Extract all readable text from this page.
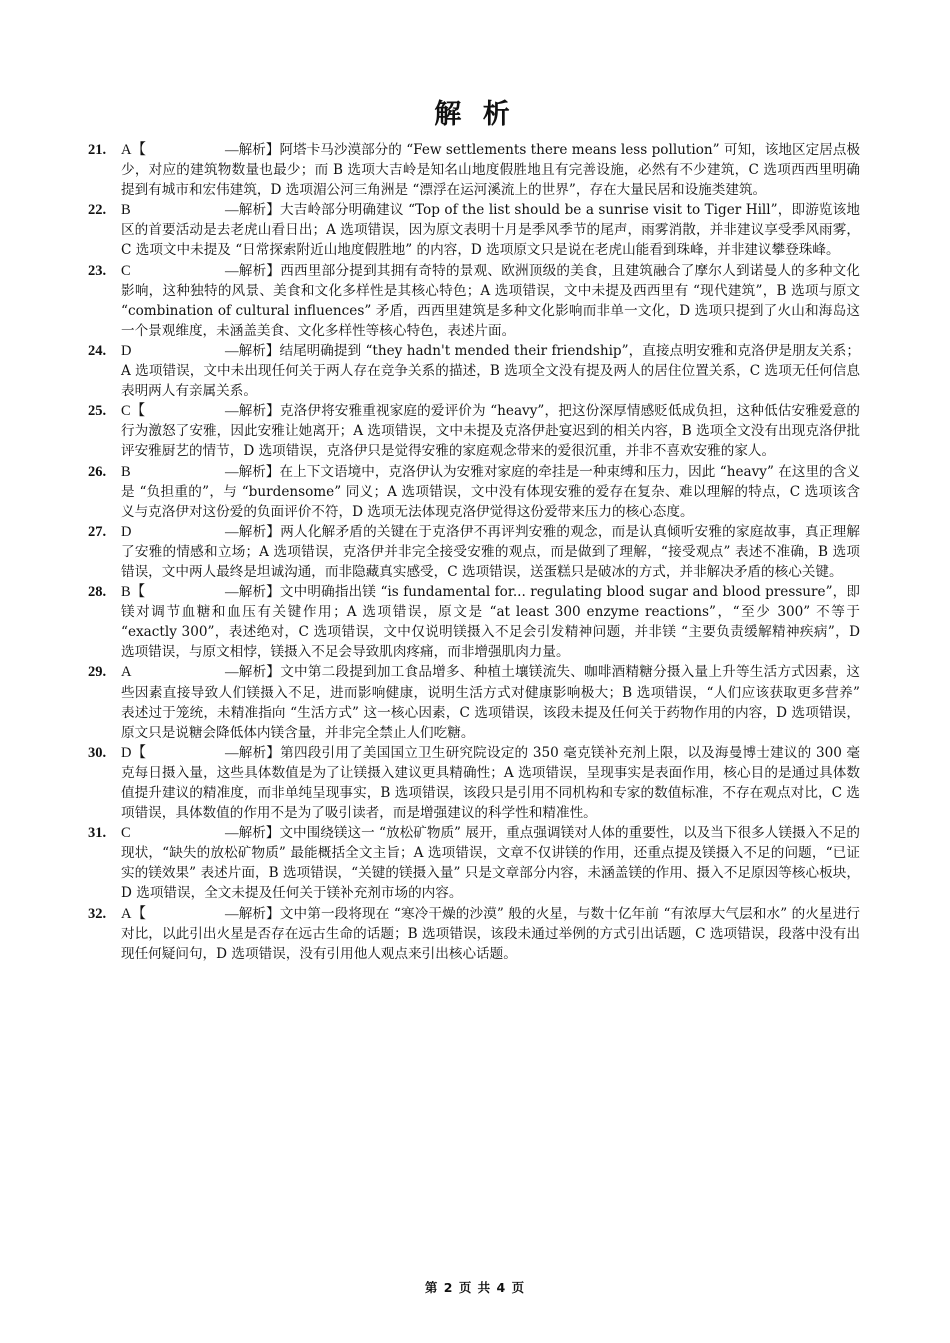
解 析
21.	A【	—解析】阿塔卡马沙漠部分的 “Few settlements there means less pollution” 可知，该地区定居点极少，对应的建筑物数量也最少；而 B 选项大吉岭是知名山地度假胜地且有完善设施，必然有不少建筑，C 选项西西里明确提到有城市和宏伟建筑，D 选项湄公河三角洲是 “漂浮在运河溪流上的世界”，存在大量民居和设施类建筑。
22.	B	—解析】大吉岭部分明确建议 “Top of the list should be a sunrise visit to Tiger Hill”，即游览该地区的首要活动是去老虎山看日出；A 选项错误，因为原文表明十月是季风季节的尾声，雨雾消散，并非建议享受季风雨雾，C 选项文中未提及 “日常探索附近山地度假胜地” 的内容，D 选项原文只是说在老虎山能看到珠峰，并非建议攀登珠峰。
23.	C	—解析】西西里部分提到其拥有奇特的景观、欧洲顶级的美食，且建筑融合了摩尔人到诺曼人的多种文化影响，这种独特的风景、美食和文化多样性是其核心特色；A 选项错误，文中未提及西西里有 “现代建筑”，B 选项与原文 “combination of cultural influences” 矛盾，西西里建筑是多种文化影响而非单一文化，D 选项只提到了火山和海岛这一个景观维度，未涵盖美食、文化多样性等核心特色，表述片面。
24.	D	—解析】结尾明确提到 “they hadn't mended their friendship”，直接点明安雅和克洛伊是朋友关系；A 选项错误，文中未出现任何关于两人存在竞争关系的描述，B 选项全文没有提及两人的居住位置关系，C 选项无任何信息表明两人有亲属关系。
25.	C【	—解析】克洛伊将安雅重视家庭的爱评价为 “heavy”，把这份深厚情感贬低成负担，这种低估安雅爱意的行为激怒了安雅，因此安雅让她离开；A 选项错误，文中未提及克洛伊赴宴迟到的相关内容，B 选项全文没有出现克洛伊批评安雅厨艺的情节，D 选项错误，克洛伊只是觉得安雅的家庭观念带来的爱很沉重，并非不喜欢安雅的家人。
26.	B	—解析】在上下文语境中，克洛伊认为安雅对家庭的牵挂是一种束缚和压力，因此 “heavy” 在这里的含义是 “负担重的”，与 “burdensome” 同义；A 选项错误，文中没有体现安雅的爱存在复杂、难以理解的特点，C 选项该含义与克洛伊对这份爱的负面评价不符，D 选项无法体现克洛伊觉得这份爱带来压力的核心态度。
27.	D	—解析】两人化解矛盾的关键在于克洛伊不再评判安雅的观念，而是认真倾听安雅的家庭故事，真正理解了安雅的情感和立场；A 选项错误，克洛伊并非完全接受安雅的观点，而是做到了理解，“接受观点” 表述不准确，B 选项错误，文中两人最终是坦诚沟通，而非隐藏真实感受，C 选项错误，送蛋糕只是破冰的方式，并非解决矛盾的核心关键。
28.	B【	—解析】文中明确指出镁 “is fundamental for... regulating blood sugar and blood pressure”，即镁对调节血糖和血压有关键作用；A 选项错误，原文是 “at least 300 enzyme reactions”，“至少 300” 不等于 “exactly 300”，表述绝对，C 选项错误，文中仅说明镁摄入不足会引发精神问题，并非镁 “主要负责缓解精神疾病”，D 选项错误，与原文相悖，镁摄入不足会导致肌肉疼痛，而非增强肌肉力量。
29.	A	—解析】文中第二段提到加工食品增多、种植土壤镁流失、咖啡酒精糖分摄入量上升等生活方式因素，这些因素直接导致人们镁摄入不足，进而影响健康，说明生活方式对健康影响极大；B 选项错误，“人们应该获取更多营养” 表述过于笼统，未精准指向 “生活方式” 这一核心因素，C 选项错误，该段未提及任何关于药物作用的内容，D 选项错误，原文只是说糖会降低体内镁含量，并非完全禁止人们吃糖。
30.	D【	—解析】第四段引用了美国国立卫生研究院设定的 350 毫克镁补充剂上限，以及海曼博士建议的 300 毫克每日摄入量，这些具体数值是为了让镁摄入建议更具精确性；A 选项错误，呈现事实是表面作用，核心目的是通过具体数值提升建议的精准度，而非单纯呈现事实，B 选项错误，该段只是引用不同机构和专家的数值标准，不存在观点对比，C 选项错误，具体数值的作用不是为了吸引读者，而是增强建议的科学性和精准性。
31.	C	—解析】文中围绕镁这一 “放松矿物质” 展开，重点强调镁对人体的重要性，以及当下很多人镁摄入不足的现状，“缺失的放松矿物质” 最能概括全文主旨；A 选项错误，文章不仅讲镁的作用，还重点提及镁摄入不足的问题，“已证实的镁效果” 表述片面，B 选项错误，“关键的镁摄入量” 只是文章部分内容，未涵盖镁的作用、摄入不足原因等核心板块，D 选项错误，全文未提及任何关于镁补充剂市场的内容。
32.	A【	—解析】文中第一段将现在 “寒冷干燥的沙漠” 般的火星，与数十亿年前 “有浓厚大气层和水” 的火星进行对比，以此引出火星是否存在远古生命的话题；B 选项错误，该段未通过举例的方式引出话题，C 选项错误，段落中没有出现任何疑问句，D 选项错误，没有引用他人观点来引出核心话题。
第 2 页 共 4 页
